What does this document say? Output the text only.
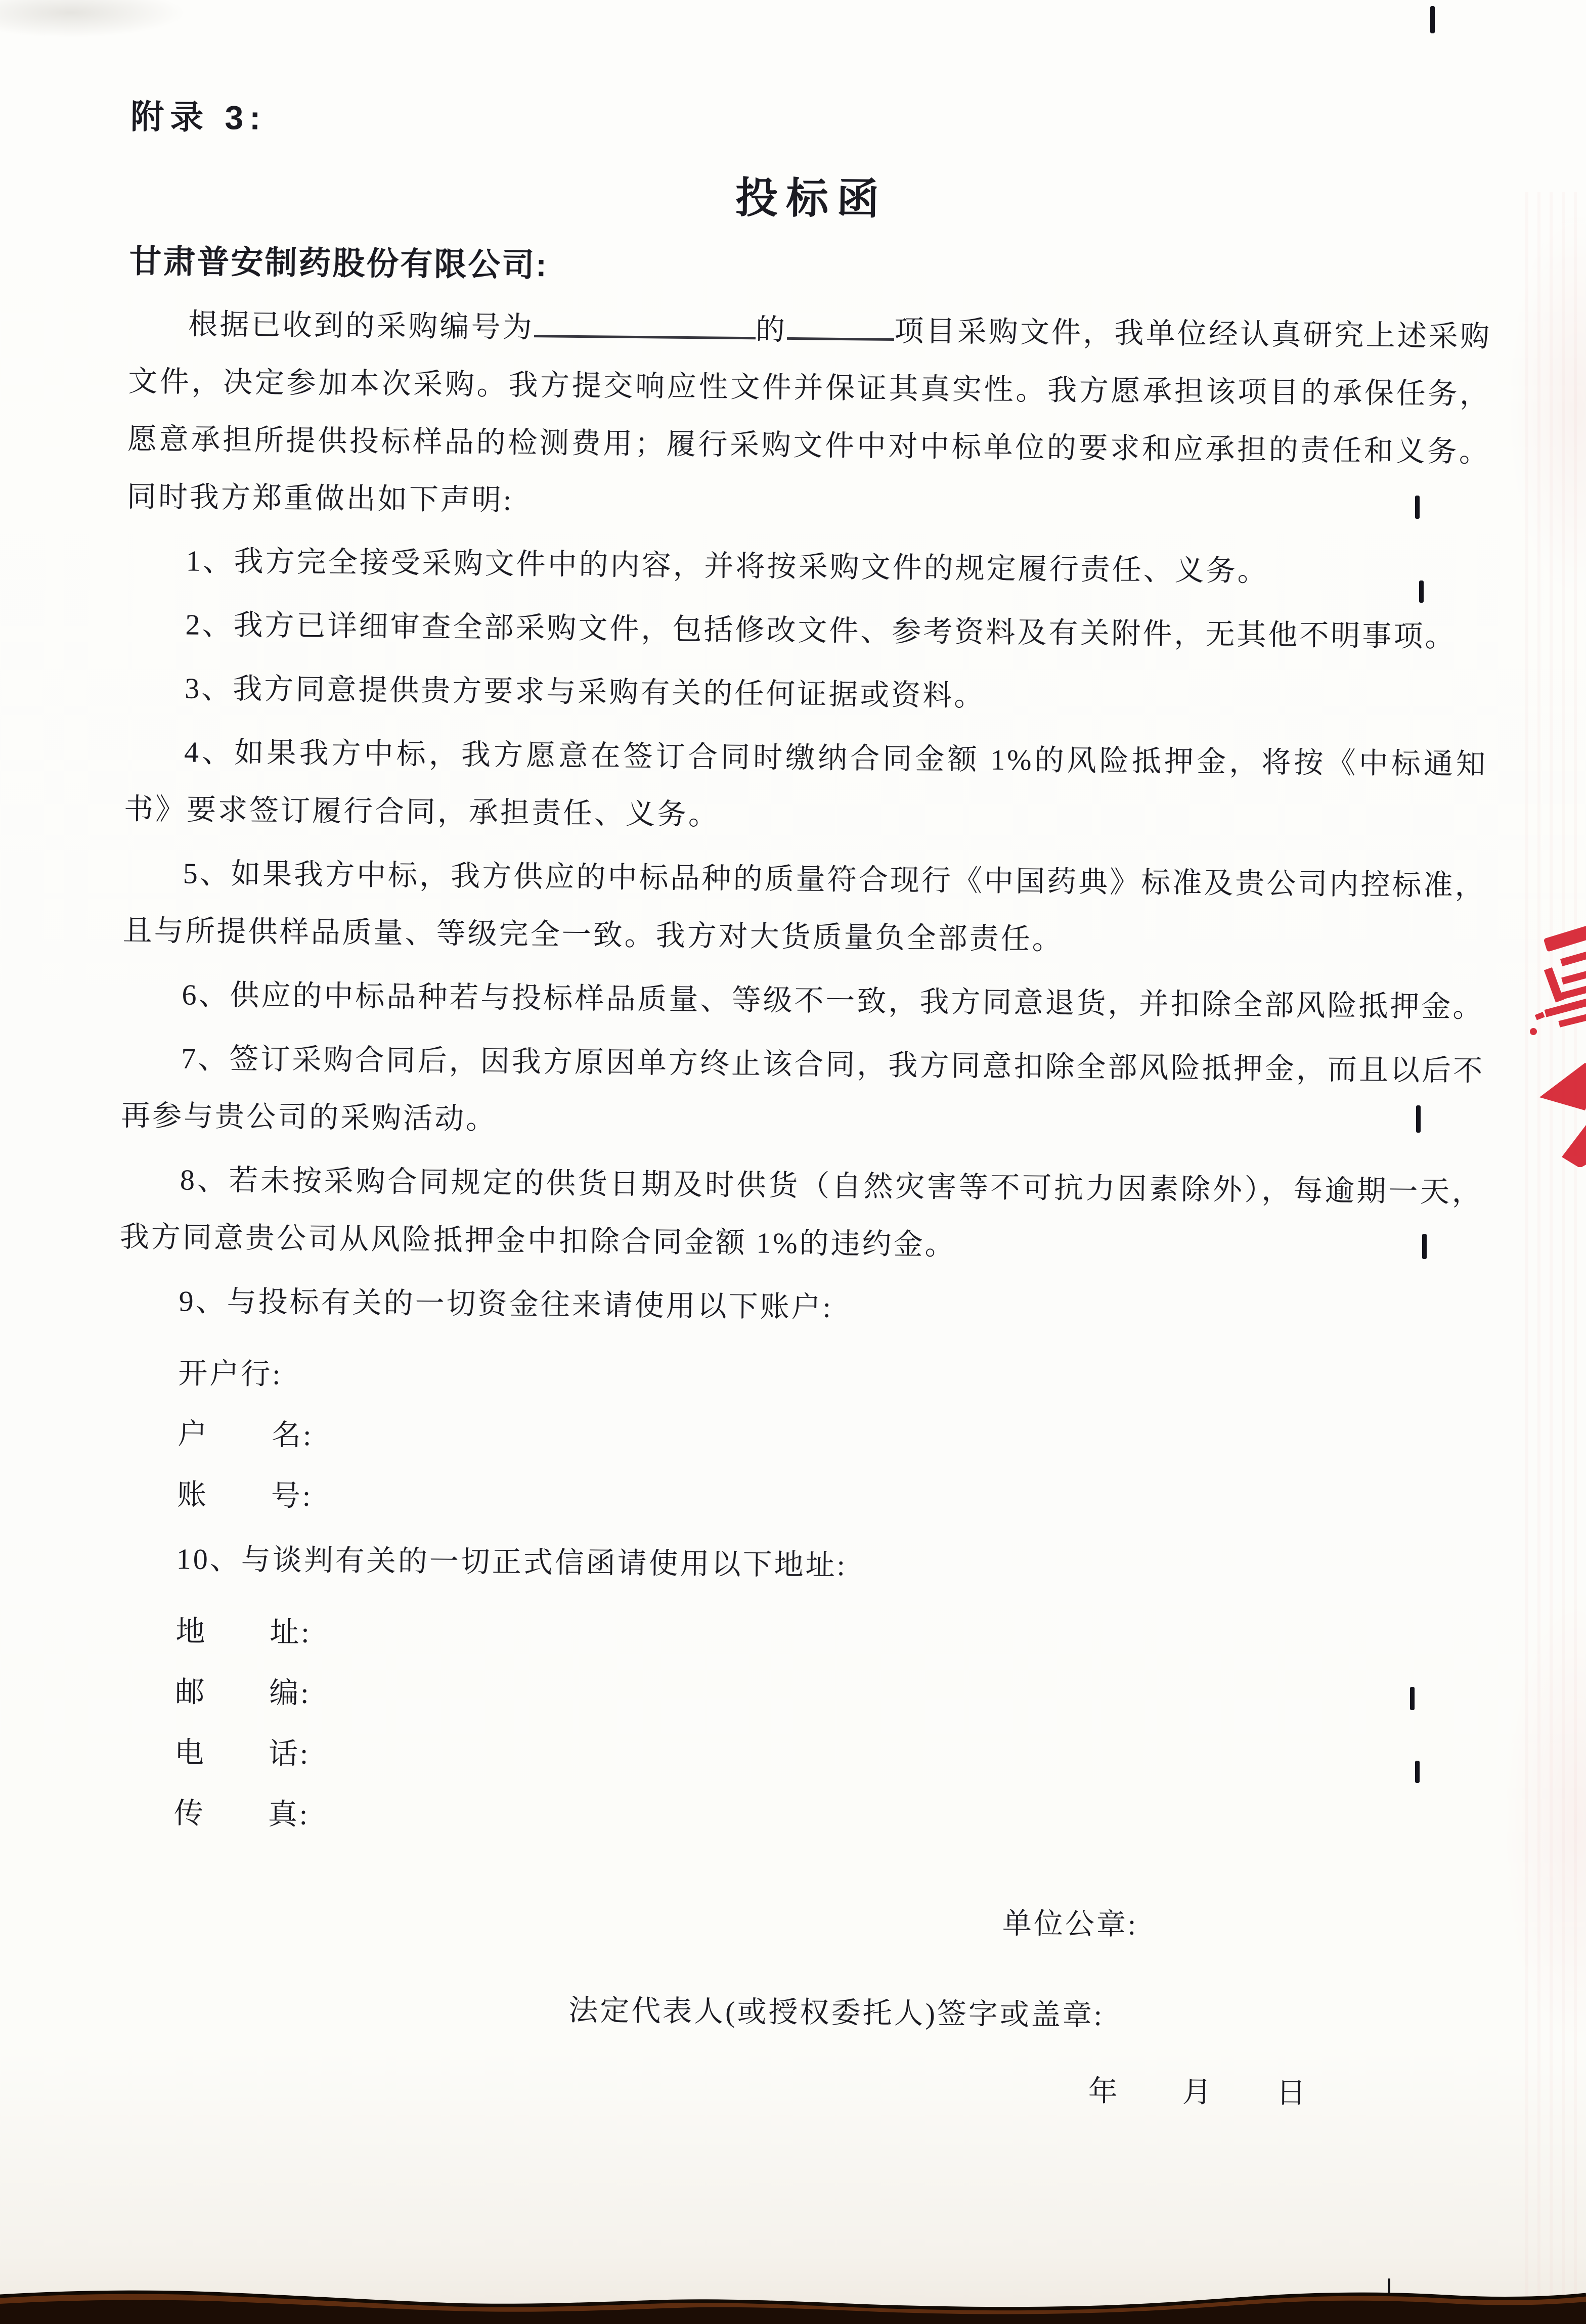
附录 3:
投标函
甘肃普安制药股份有限公司:

根据已收到的采购编号为	的	项目采购文件，我单位经认真研究上述采购文件，决定参加本次采购。我方提交响应性文件并保证其真实性。我方愿承担该项目的承保任务，愿意承担所提供投标样品的检测费用；履行采购文件中对中标单位的要求和应承担的责任和义务。同时我方郑重做出如下声明:

1、我方完全接受采购文件中的内容，并将按采购文件的规定履行责任、义务。

2、我方已详细审查全部采购文件，包括修改文件、参考资料及有关附件，无其他不明事项。

3、我方同意提供贵方要求与采购有关的任何证据或资料。

4、如果我方中标，我方愿意在签订合同时缴纳合同金额 1%的风险抵押金，将按《中标通知书》要求签订履行合同，承担责任、义务。

5、如果我方中标，我方供应的中标品种的质量符合现行《中国药典》标准及贵公司内控标准，且与所提供样品质量、等级完全一致。我方对大货质量负全部责任。

6、供应的中标品种若与投标样品质量、等级不一致，我方同意退货，并扣除全部风险抵押金。

7、签订采购合同后，因我方原因单方终止该合同，我方同意扣除全部风险抵押金，而且以后不再参与贵公司的采购活动。

8、若未按采购合同规定的供货日期及时供货（自然灾害等不可抗力因素除外），每逾期一天，我方同意贵公司从风险抵押金中扣除合同金额 1%的违约金。

9、与投标有关的一切资金往来请使用以下账户:

开户行:

户　　名:

账　　号:

10、与谈判有关的一切正式信函请使用以下地址:

地　　址:

邮　　编:

电　　话:

传　　真:

单位公章:
法定代表人(或授权委托人)签字或盖章:
年　　月　　日
